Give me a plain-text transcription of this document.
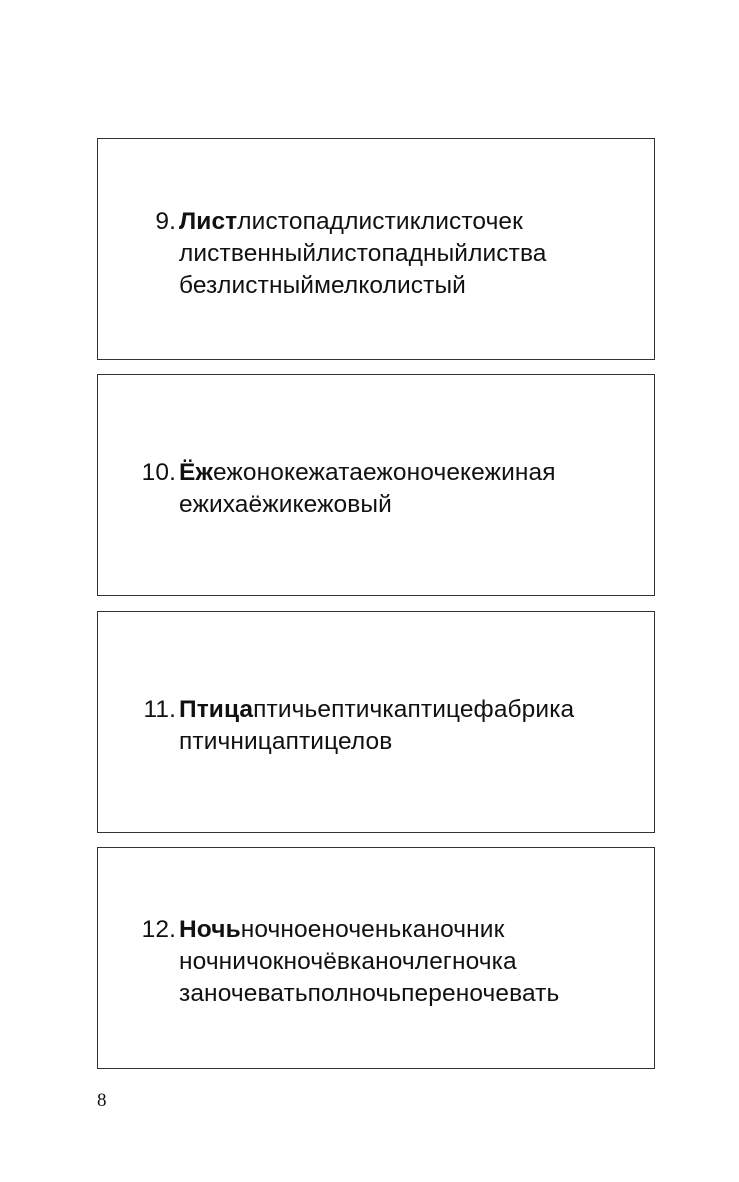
9. Листлистопадлистиклисточек
лиственныйлистопадныйлиства
безлистныймелколистый
10. Ёжежонокежатаежоночекежиная
ежихаёжикежовый
11. Птицаптичьептичкаптицефабрика
птичницаптицелов
12. Ночьночноеноченьканочник
ночничокночёвканочлегночка
заночеватьполночьпереночевать
8
